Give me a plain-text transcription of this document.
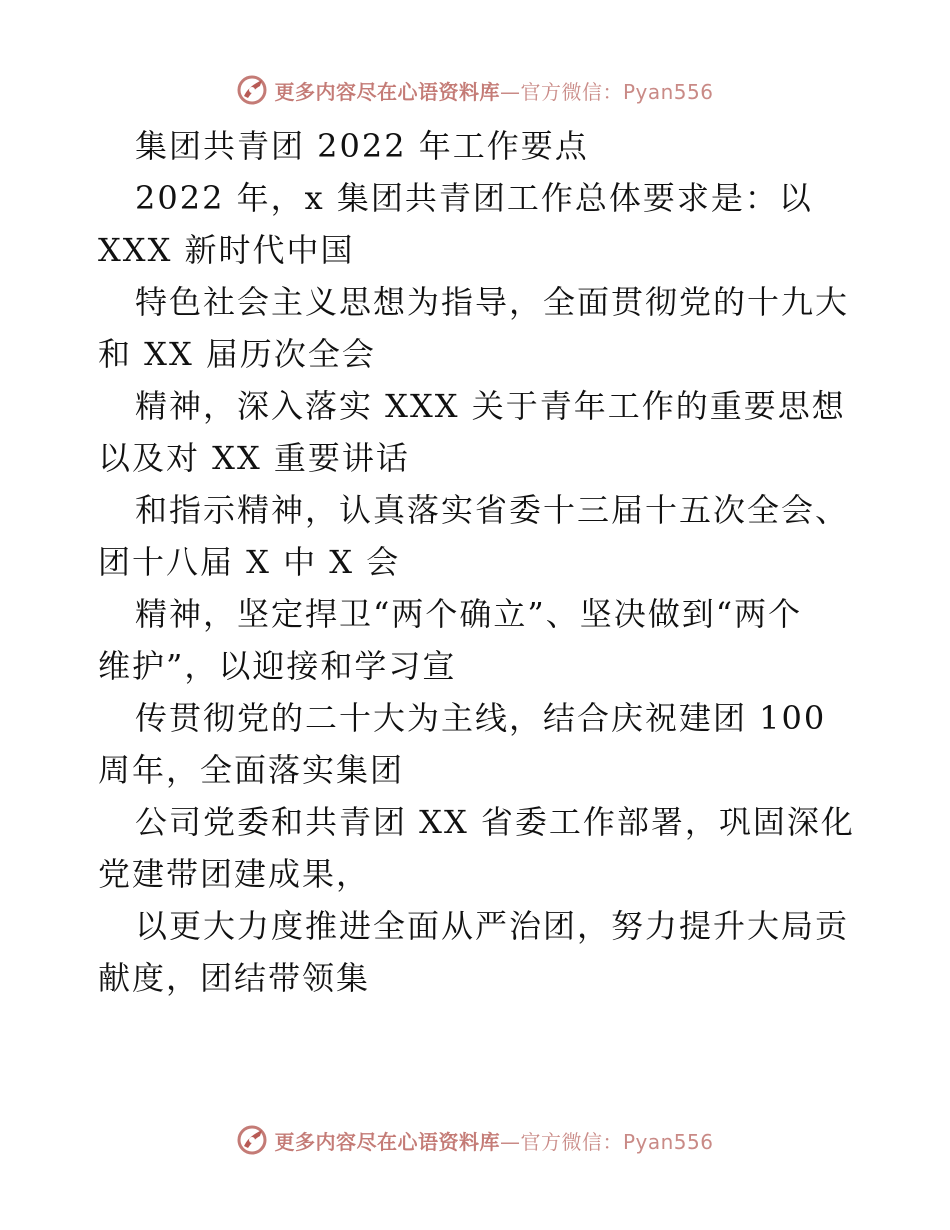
更多内容尽在心语资料库—官方微信：Pyan556
集团共青团 2022 年工作要点
2022 年，x 集团共青团工作总体要求是：以
XXX 新时代中国
特色社会主义思想为指导，全面贯彻党的十九大
和 XX 届历次全会
精神，深入落实 XXX 关于青年工作的重要思想
以及对 XX 重要讲话
和指示精神，认真落实省委十三届十五次全会、
团十八届 X 中 X 会
精神，坚定捍卫“两个确立”、坚决做到“两个
维护”，以迎接和学习宣
传贯彻党的二十大为主线，结合庆祝建团 100
周年，全面落实集团
公司党委和共青团 XX 省委工作部署，巩固深化
党建带团建成果，
以更大力度推进全面从严治团，努力提升大局贡
献度，团结带领集
更多内容尽在心语资料库—官方微信：Pyan556
